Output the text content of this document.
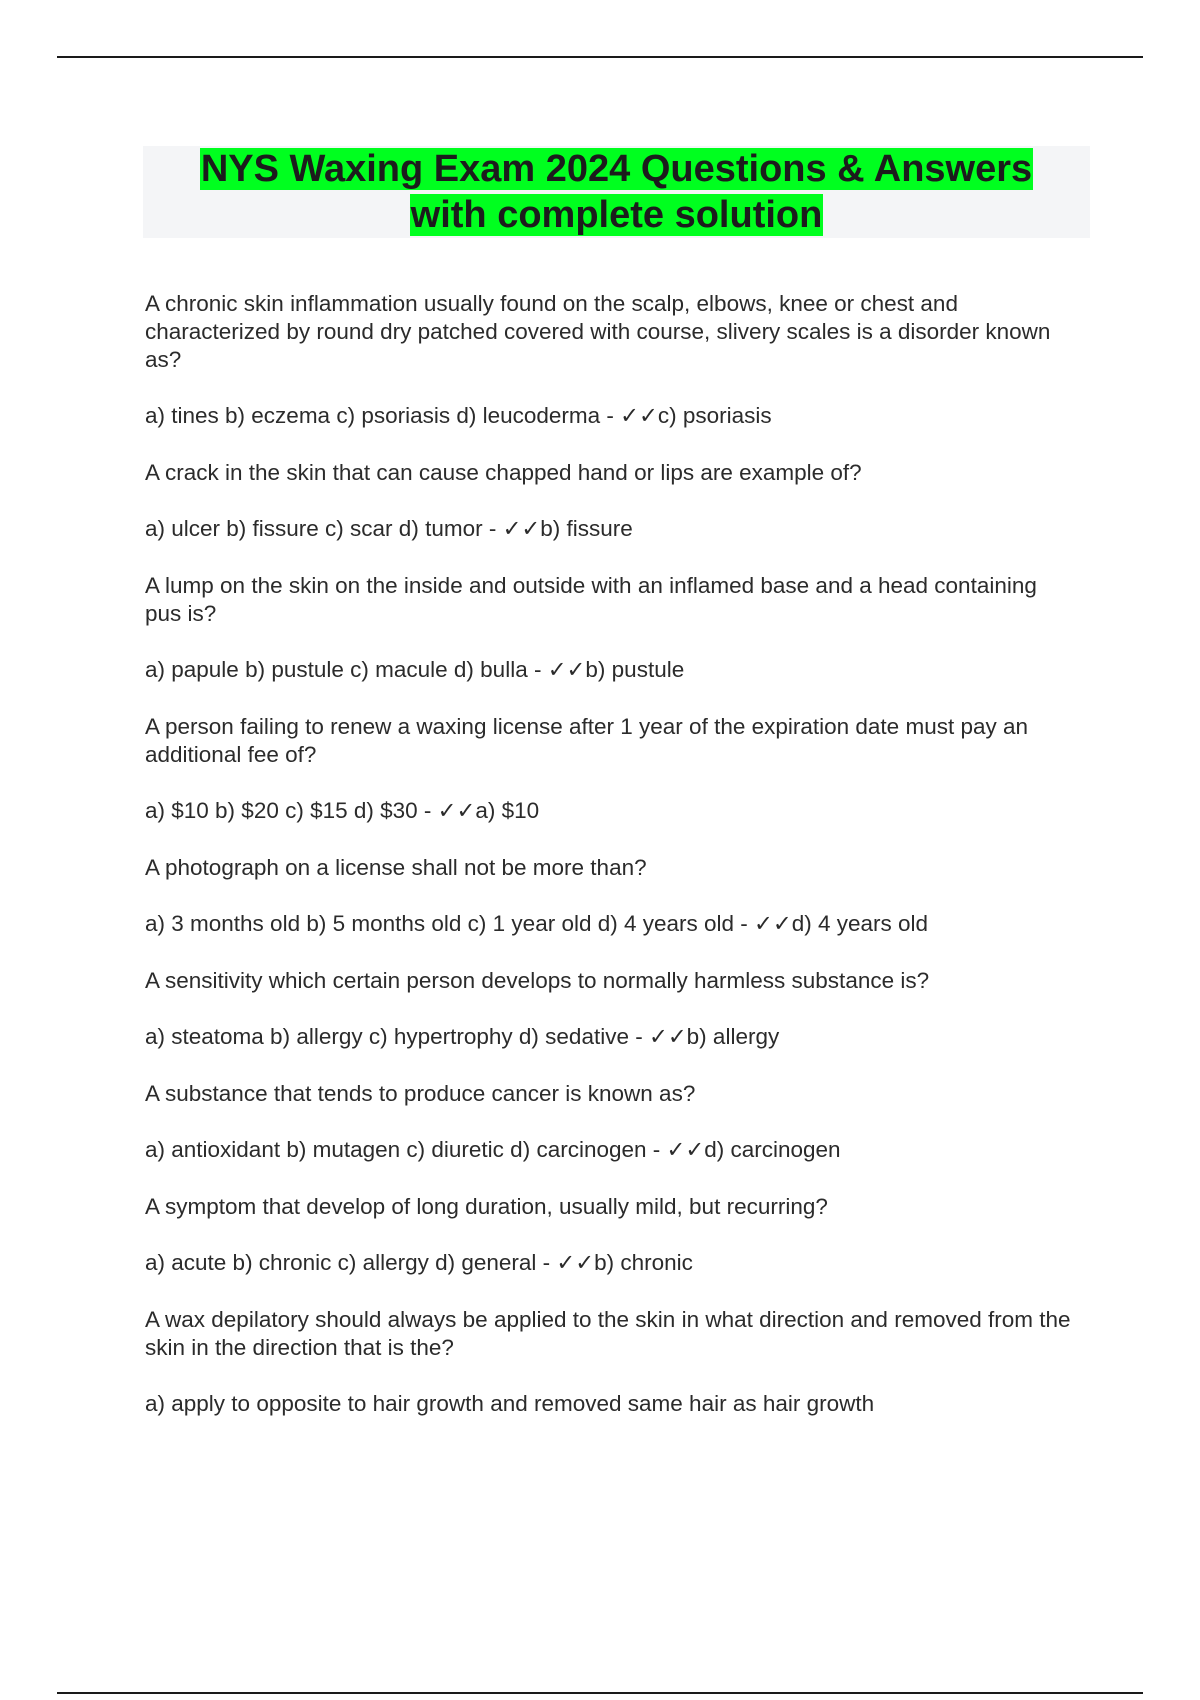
NYS Waxing Exam 2024 Questions & Answers
with complete solution

A chronic skin inflammation usually found on the scalp, elbows, knee or chest and characterized by round dry patched covered with course, slivery scales is a disorder known as?

a) tines b) eczema c) psoriasis d) leucoderma - ✓✓c) psoriasis

A crack in the skin that can cause chapped hand or lips are example of?

a) ulcer b) fissure c) scar d) tumor - ✓✓b) fissure

A lump on the skin on the inside and outside with an inflamed base and a head containing pus is?

a) papule b) pustule c) macule d) bulla - ✓✓b) pustule

A person failing to renew a waxing license after 1 year of the expiration date must pay an additional fee of?

a) $10 b) $20 c) $15 d) $30 - ✓✓a) $10

A photograph on a license shall not be more than?

a) 3 months old b) 5 months old c) 1 year old d) 4 years old - ✓✓d) 4 years old

A sensitivity which certain person develops to normally harmless substance is?

a) steatoma b) allergy c) hypertrophy d) sedative - ✓✓b) allergy

A substance that tends to produce cancer is known as?

a) antioxidant b) mutagen c) diuretic d) carcinogen - ✓✓d) carcinogen

A symptom that develop of long duration, usually mild, but recurring?

a) acute b) chronic c) allergy d) general - ✓✓b) chronic

A wax depilatory should always be applied to the skin in what direction and removed from the skin in the direction that is the?

a) apply to opposite to hair growth and removed same hair as hair growth
